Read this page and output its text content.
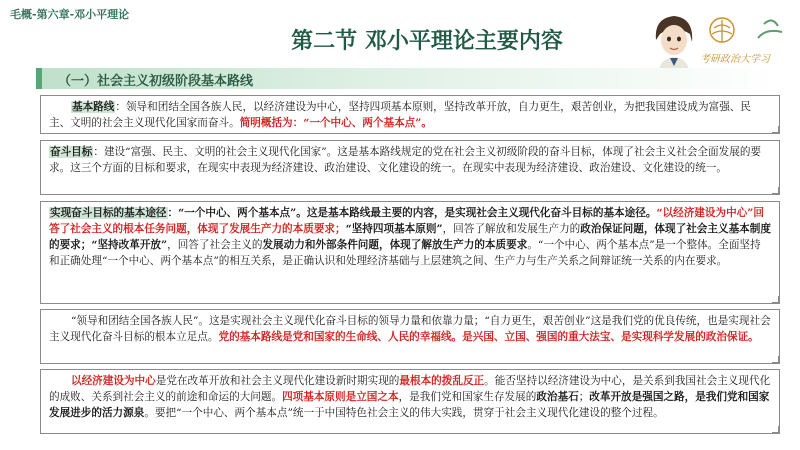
毛概-第六章-邓小平理论
第二节 邓小平理论主要内容
考研政治大学习
（一）社会主义初级阶段基本路线
基本路线：领导和团结全国各族人民，以经济建设为中心，坚持四项基本原则，坚持改革开放，自力更生，艰苦创业，为把我国建设成为富强、民主、文明的社会主义现代化国家而奋斗。简明概括为：“一个中心、两个基本点”。
奋斗目标：建设“富强、民主、文明的社会主义现代化国家”。这是基本路线规定的党在社会主义初级阶段的奋斗目标，体现了社会主义社会全面发展的要求。这三个方面的目标和要求，在现实中表现为经济建设、政治建设、文化建设的统一。在现实中表现为经济建设、政治建设、文化建设的统一。
实现奋斗目标的基本途径：“一个中心、两个基本点”。这是基本路线最主要的内容，是实现社会主义现代化奋斗目标的基本途径。“以经济建设为中心”回答了社会主义的根本任务问题，体现了发展生产力的本质要求；“坚持四项基本原则”，回答了解放和发展生产力的政治保证问题，体现了社会主义基本制度的要求；“坚持改革开放”，回答了社会主义的发展动力和外部条件问题，体现了解放生产力的本质要求。“一个中心、两个基本点”是一个整体。全面坚持和正确处理“一个中心、两个基本点”的相互关系，是正确认识和处理经济基础与上层建筑之间、生产力与生产关系之间辩证统一关系的内在要求。
“领导和团结全国各族人民”。这是实现社会主义现代化奋斗目标的领导力量和依靠力量；“自力更生，艰苦创业”这是我们党的优良传统，也是实现社会主义现代化奋斗目标的根本立足点。党的基本路线是党和国家的生命线、人民的幸福线。是兴国、立国、强国的重大法宝、是实现科学发展的政治保证。
以经济建设为中心是党在改革开放和社会主义现代化建设新时期实现的最根本的拨乱反正。能否坚持以经济建设为中心，是关系到我国社会主义现代化的成败、关系到社会主义的前途和命运的大问题。四项基本原则是立国之本，是我们党和国家生存发展的政治基石；改革开放是强国之路，是我们党和国家发展进步的活力源泉。要把“一个中心、两个基本点”统一于中国特色社会主义的伟大实践，贯穿于社会主义现代化建设的整个过程。
